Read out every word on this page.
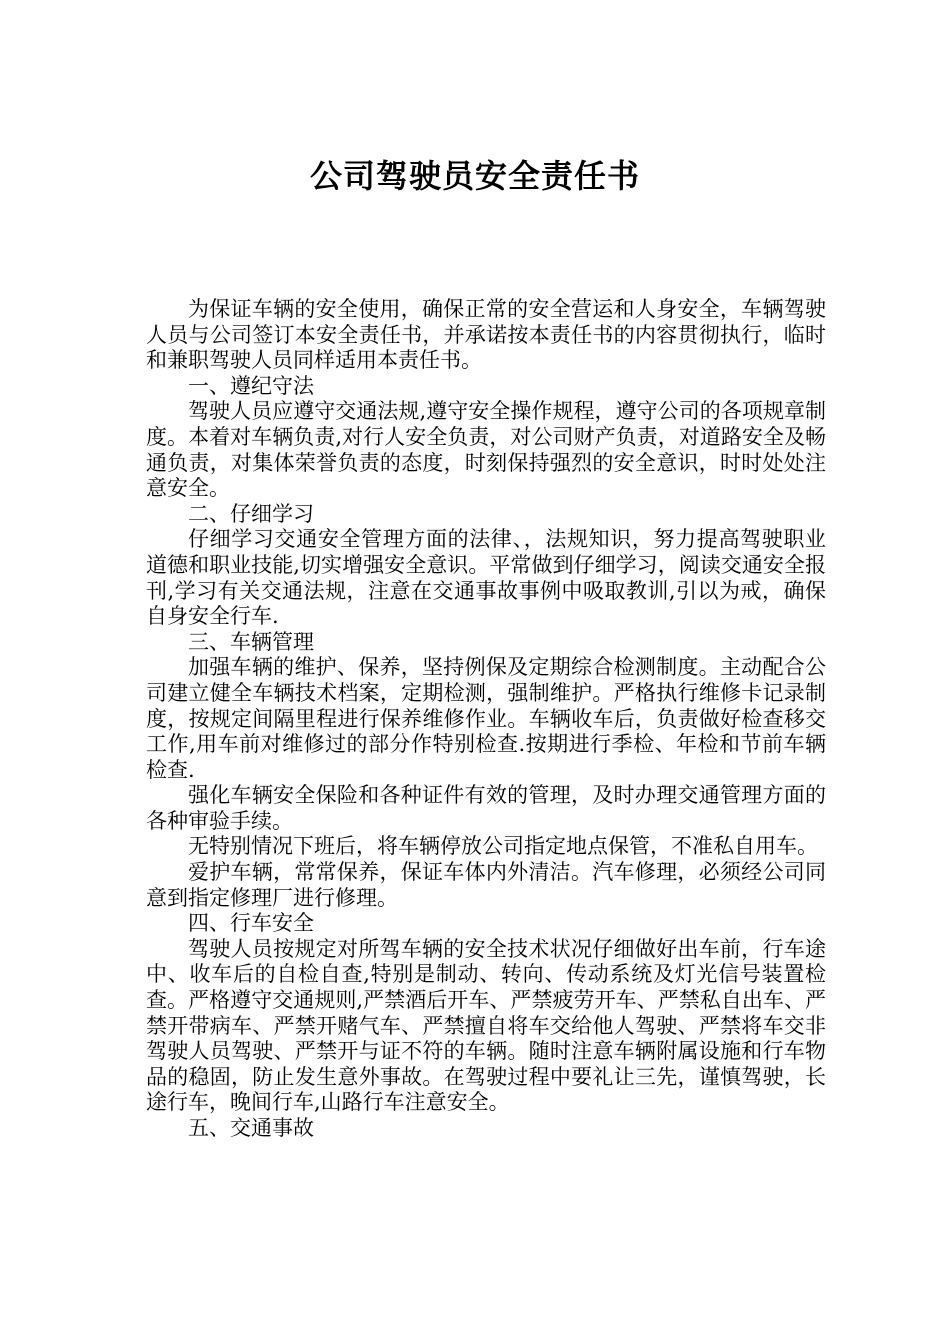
公司驾驶员安全责任书

为保证车辆的安全使用，确保正常的安全营运和人身安全，车辆驾驶人员与公司签订本安全责任书，并承诺按本责任书的内容贯彻执行，临时和兼职驾驶人员同样适用本责任书。

一、遵纪守法

驾驶人员应遵守交通法规,遵守安全操作规程，遵守公司的各项规章制度。本着对车辆负责,对行人安全负责，对公司财产负责，对道路安全及畅通负责，对集体荣誉负责的态度，时刻保持强烈的安全意识，时时处处注意安全。

二、仔细学习

仔细学习交通安全管理方面的法律、，法规知识，努力提高驾驶职业道德和职业技能,切实增强安全意识。平常做到仔细学习，阅读交通安全报刊,学习有关交通法规，注意在交通事故事例中吸取教训,引以为戒，确保自身安全行车.

三、车辆管理

加强车辆的维护、保养，坚持例保及定期综合检测制度。主动配合公司建立健全车辆技术档案，定期检测，强制维护。严格执行维修卡记录制度，按规定间隔里程进行保养维修作业。车辆收车后，负责做好检查移交工作,用车前对维修过的部分作特别检查.按期进行季检、年检和节前车辆检查.

强化车辆安全保险和各种证件有效的管理，及时办理交通管理方面的各种审验手续。

无特别情况下班后，将车辆停放公司指定地点保管，不准私自用车。

爱护车辆，常常保养，保证车体内外清洁。汽车修理，必须经公司同意到指定修理厂进行修理。

四、行车安全

驾驶人员按规定对所驾车辆的安全技术状况仔细做好出车前，行车途中、收车后的自检自查,特别是制动、转向、传动系统及灯光信号装置检查。严格遵守交通规则,严禁酒后开车、严禁疲劳开车、严禁私自出车、严禁开带病车、严禁开赌气车、严禁擅自将车交给他人驾驶、严禁将车交非驾驶人员驾驶、严禁开与证不符的车辆。随时注意车辆附属设施和行车物品的稳固，防止发生意外事故。在驾驶过程中要礼让三先，谨慎驾驶，长途行车，晚间行车,山路行车注意安全。

五、交通事故
